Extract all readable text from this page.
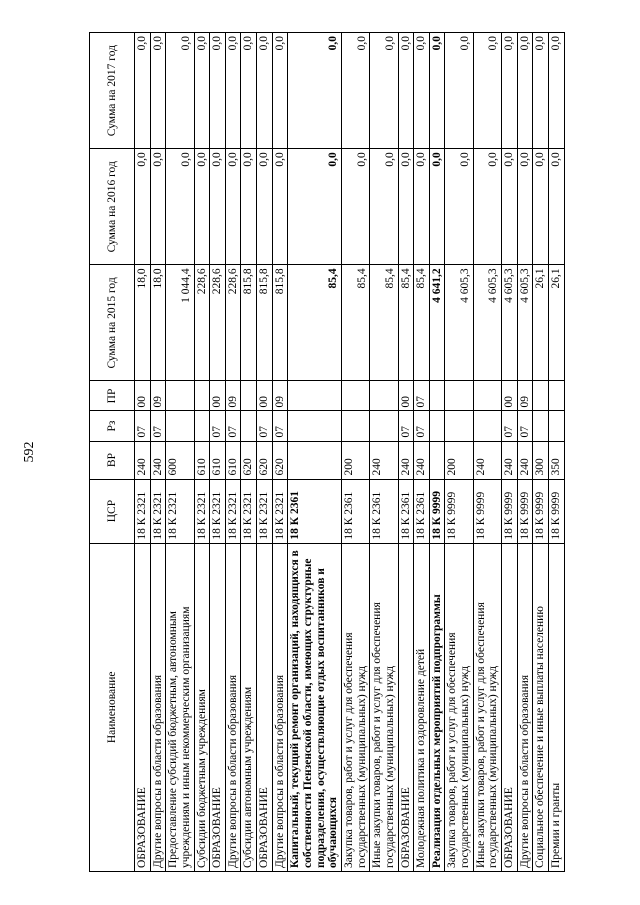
592
Наименование	ЦСР	ВР	Рз	ПР	Сумма на 2015 год	Сумма на 2016 год	Сумма на 2017 год
ОБРАЗОВАНИЕ	18 К 2321	240	07	00	18,0	0,0	0,0
Другие вопросы в области образования	18 К 2321	240	07	09	18,0	0,0	0,0
Предоставление субсидий бюджетным, автономным учреждениям и иным некоммерческим организациям	18 К 2321	600			1 044,4	0,0	0,0
Субсидии бюджетным учреждениям	18 К 2321	610			228,6	0,0	0,0
ОБРАЗОВАНИЕ	18 К 2321	610	07	00	228,6	0,0	0,0
Другие вопросы в области образования	18 К 2321	610	07	09	228,6	0,0	0,0
Субсидии автономным учреждениям	18 К 2321	620			815,8	0,0	0,0
ОБРАЗОВАНИЕ	18 К 2321	620	07	00	815,8	0,0	0,0
Другие вопросы в области образования	18 К 2321	620	07	09	815,8	0,0	0,0
Капитальный, текущий ремонт организаций, находящихся в собственности Пензенской области, имеющих структурные подразделения, осуществляющие отдых воспитанников и обучающихся	18 К 2361				85,4	0,0	0,0
Закупка товаров, работ и услуг для обеспечения государственных (муниципальных) нужд	18 К 2361	200			85,4	0,0	0,0
Иные закупки товаров, работ и услуг для обеспечения государственных (муниципальных) нужд	18 К 2361	240			85,4	0,0	0,0
ОБРАЗОВАНИЕ	18 К 2361	240	07	00	85,4	0,0	0,0
Молодежная политика и оздоровление детей	18 К 2361	240	07	07	85,4	0,0	0,0
Реализация отдельных мероприятий подпрограммы	18 К 9999				4 641,2	0,0	0,0
Закупка товаров, работ и услуг для обеспечения государственных (муниципальных) нужд	18 К 9999	200			4 605,3	0,0	0,0
Иные закупки товаров, работ и услуг для обеспечения государственных (муниципальных) нужд	18 К 9999	240			4 605,3	0,0	0,0
ОБРАЗОВАНИЕ	18 К 9999	240	07	00	4 605,3	0,0	0,0
Другие вопросы в области образования	18 К 9999	240	07	09	4 605,3	0,0	0,0
Социальное обеспечение и иные выплаты населению	18 К 9999	300			26,1	0,0	0,0
Премии и гранты	18 К 9999	350			26,1	0,0	0,0
